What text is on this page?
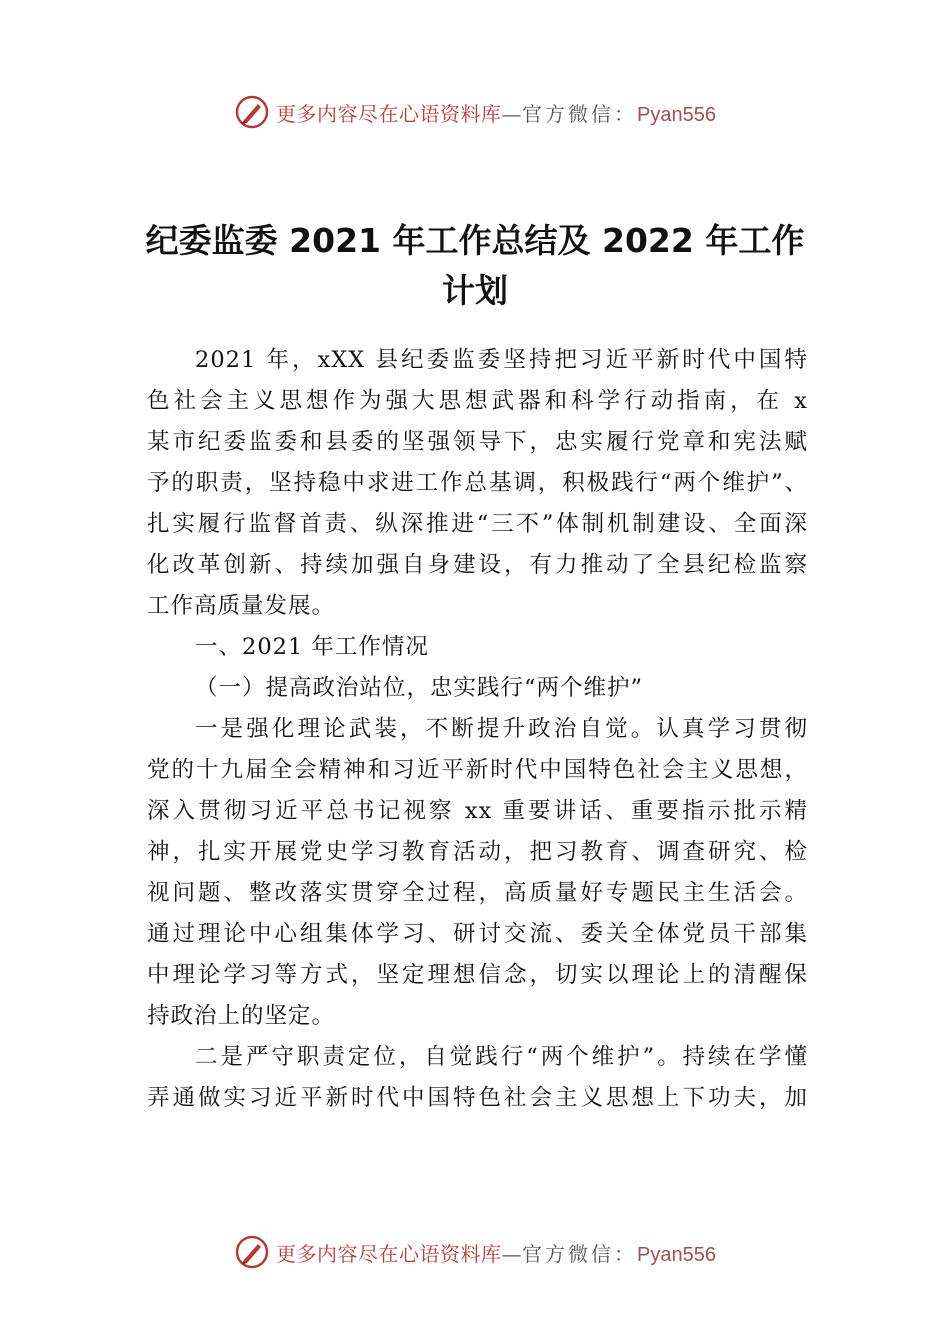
更多内容尽在心语资料库—官方微信：Pyan556
纪委监委 2021 年工作总结及 2022 年工作
计划
2021 年，xXX 县纪委监委坚持把习近平新时代中国特
色社会主义思想作为强大思想武器和科学行动指南，在 x
某市纪委监委和县委的坚强领导下，忠实履行党章和宪法赋
予的职责，坚持稳中求进工作总基调，积极践行“两个维护”、
扎实履行监督首责、纵深推进“三不”体制机制建设、全面深
化改革创新、持续加强自身建设，有力推动了全县纪检监察
工作高质量发展。
一、2021 年工作情况
（一）提高政治站位，忠实践行“两个维护”
一是强化理论武装，不断提升政治自觉。认真学习贯彻
党的十九届全会精神和习近平新时代中国特色社会主义思想，
深入贯彻习近平总书记视察 xx 重要讲话、重要指示批示精
神，扎实开展党史学习教育活动，把习教育、调查研究、检
视问题、整改落实贯穿全过程，高质量好专题民主生活会。
通过理论中心组集体学习、研讨交流、委关全体党员干部集
中理论学习等方式，坚定理想信念，切实以理论上的清醒保
持政治上的坚定。
二是严守职责定位，自觉践行“两个维护”。持续在学懂
弄通做实习近平新时代中国特色社会主义思想上下功夫，加
更多内容尽在心语资料库—官方微信：Pyan556
